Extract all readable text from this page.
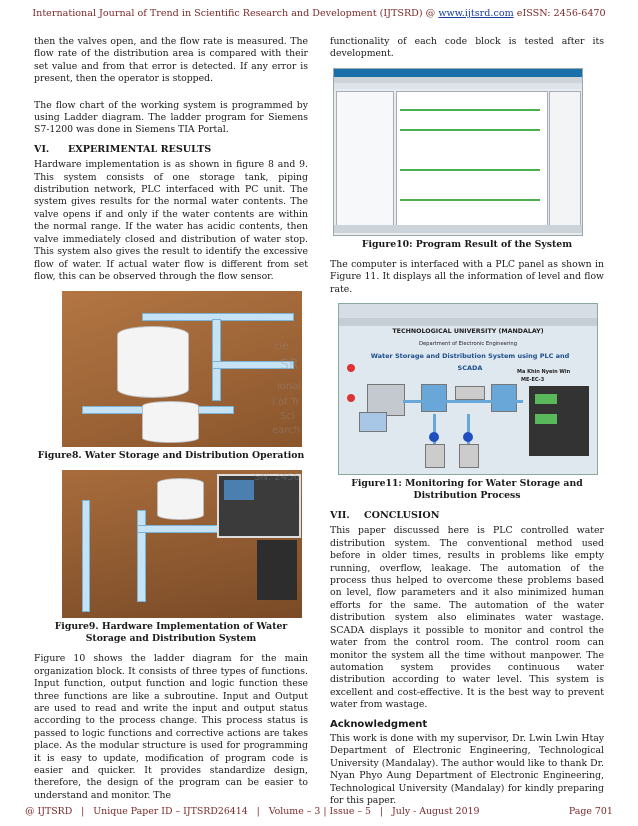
International Journal of Trend in Scientific Research and Development (IJTSRD) @ www.ijtsrd.com eISSN: 2456-6470

then the valves open, and the flow rate is measured. The flow rate of the distribution area is compared with their set value and from that error is detected. If any error is present, then the operator is stopped.

The flow chart of the working system is programmed by using Ladder diagram. The ladder program for Siemens S7-1200 was done in Siemens TIA Portal.

VI. EXPERIMENTAL RESULTS

Hardware implementation is as shown in figure 8 and 9. This system consists of one storage tank, piping distribution network, PLC interfaced with PC unit. The system gives results for the normal water contents. The valve opens if and only if the water contents are within the normal range. If the water has acidic contents, then valve immediately closed and distribution of water stop. This system also gives the result to identify the excessive flow of water. If actual water flow is different from set flow, this can be observed through the flow sensor.

cie
SR
ional
l of Tr
Sci
earch
Figure8. Water Storage and Distribution Operation
SN: 2456
Figure9. Hardware Implementation of Water Storage and Distribution System

Figure 10 shows the ladder diagram for the main organization block. It consists of three types of functions. Input function, output function and logic function these three functions are like a subroutine. Input and Output are used to read and write the input and output status according to the process change. This process status is passed to logic functions and corrective actions are takes place. As the modular structure is used for programming it is easy to update, modification of program code is easier and quicker. It provides standardize design, therefore, the design of the program can be easier to understand and monitor. The

functionality of each code block is tested after its development.

Figure10: Program Result of the System

The computer is interfaced with a PLC panel as shown in Figure 11. It displays all the information of level and flow rate.

TECHNOLOGICAL UNIVERSITY (MANDALAY)
Department of Electronic Engineering
Water Storage and Distribution System using PLC and SCADA	Ma Khin Nyein Win
ME-EC-3
Figure11: Monitoring for Water Storage and Distribution Process
VII. CONCLUSION

This paper discussed here is PLC controlled water distribution system. The conventional method used before in older times, results in problems like empty running, overflow, leakage. The automation of the process thus helped to overcome these problems based on level, flow parameters and it also minimized human efforts for the same. The automation of the water distribution system also eliminates water wastage. SCADA displays it possible to monitor and control the water from the control room. The control room can monitor the system all the time without manpower. The automation system provides continuous water distribution according to water level. This system is excellent and cost-effective. It is the best way to prevent water from wastage.

Acknowledgment

This work is done with my supervisor, Dr. Lwin Lwin Htay Department of Electronic Engineering, Technological University (Mandalay). The author would like to thank Dr. Nyan Phyo Aung Department of Electronic Engineering, Technological University (Mandalay) for kindly preparing for this paper.

@ IJTSRD   |   Unique Paper ID – IJTSRD26414   |   Volume – 3 | Issue – 5   |   July - August 2019	Page 701
